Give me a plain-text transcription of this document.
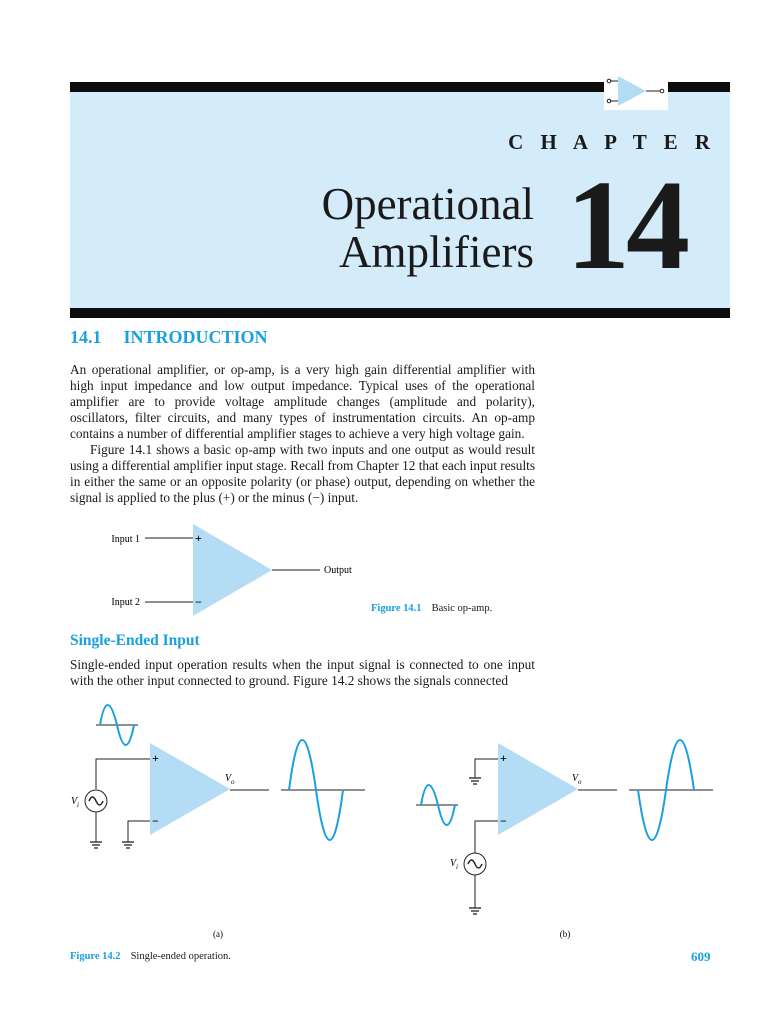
C H A P T E R
Operational
Amplifiers 14
14.1 INTRODUCTION

An operational amplifier, or op-amp, is a very high gain differential amplifier with high input impedance and low output impedance. Typical uses of the operational amplifier are to provide voltage amplitude changes (amplitude and polarity), oscillators, filter circuits, and many types of instrumentation circuits. An op-amp contains a number of differential amplifier stages to achieve a very high voltage gain.

Figure 14.1 shows a basic op-amp with two inputs and one output as would result using a differential amplifier input stage. Recall from Chapter 12 that each input results in either the same or an opposite polarity (or phase) output, depending on whether the signal is applied to the plus (+) or the minus (−) input.

Input 1
Input 2
Output
+
−	Figure 14.1 Basic op-amp.
Single-Ended Input
Single-ended input operation results when the input signal is connected to one input with the other input connected to ground. Figure 14.2 shows the signals connected
+
−
V i
V o
(a)
+
−
V i
V o
(b)
Figure 14.2 Single-ended operation.	609
